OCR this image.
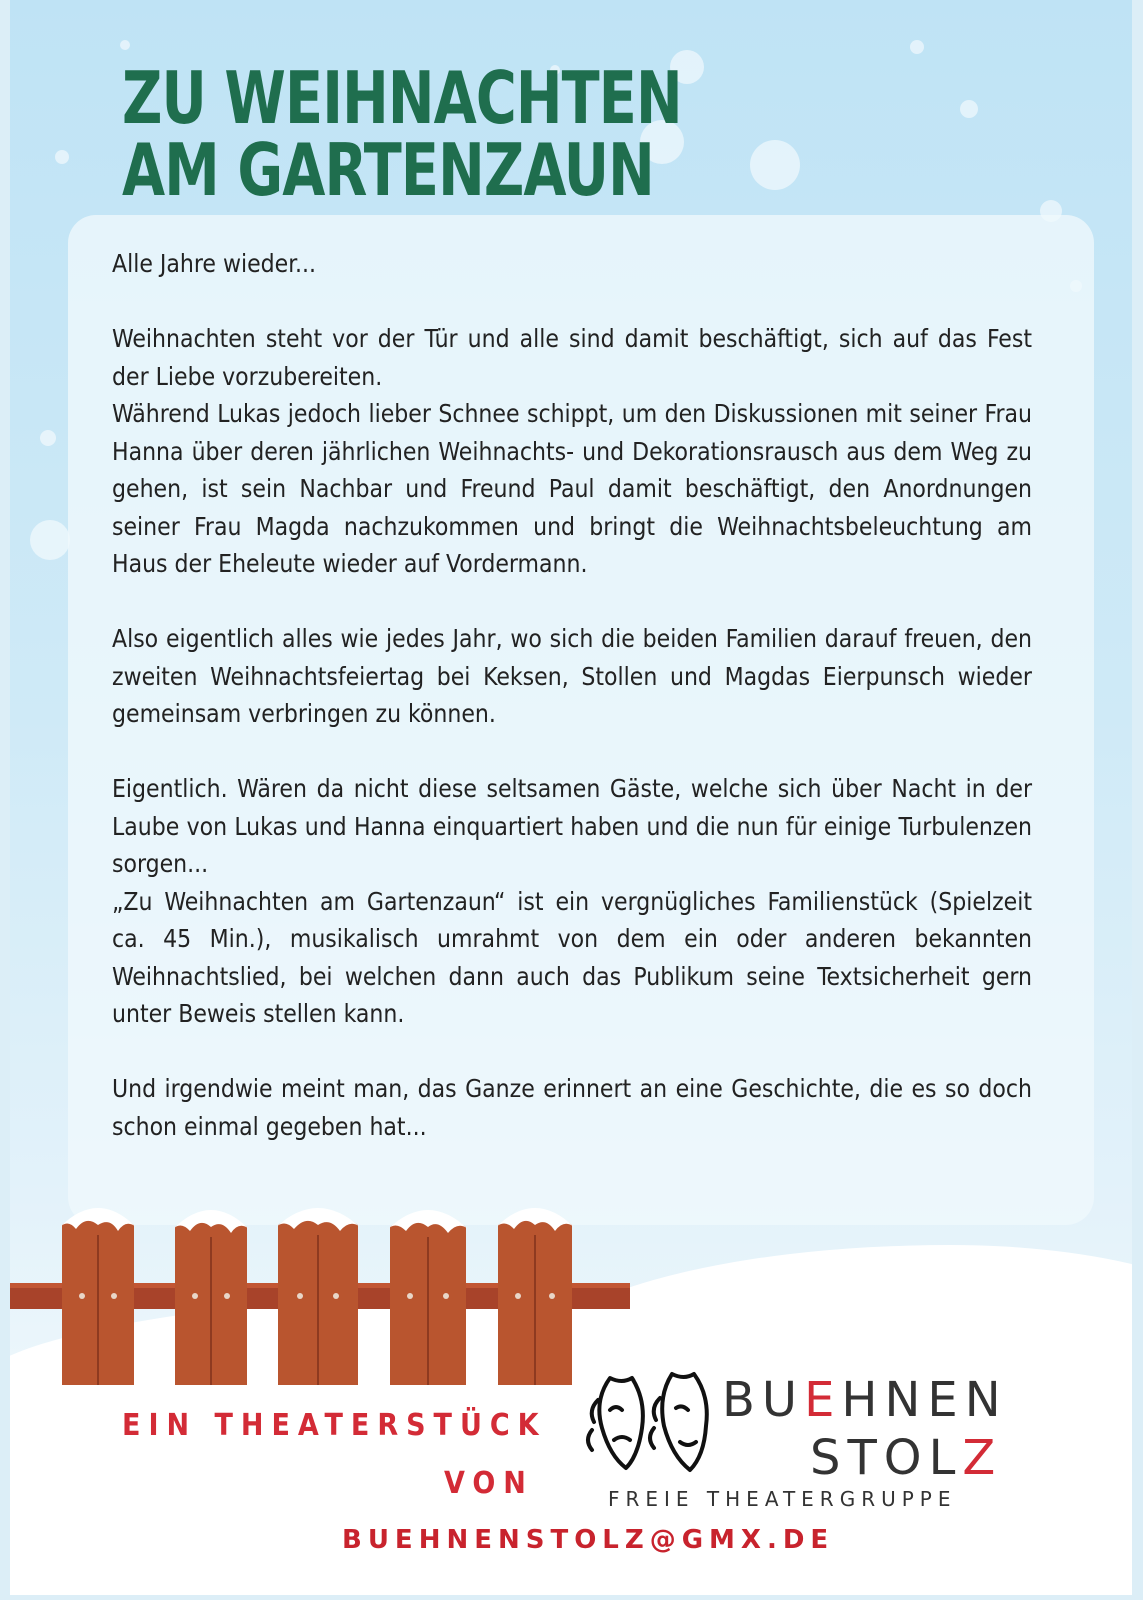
ZU WEIHNACHTEN
AM GARTENZAUN

EIN THEATERSTÜCK

VON

BUEHNEN

STOLZ

FREIE THEATERGRUPPE

BUEHNENSTOLZ@GMX.DE

Alle Jahre wieder...

Weihnachten steht vor der Tür und alle sind damit beschäftigt, sich auf das Fest der Liebe vorzubereiten.

Während Lukas jedoch lieber Schnee schippt, um den Diskussionen mit seiner Frau Hanna über deren jährlichen Weihnachts- und Dekorationsrausch aus dem Weg zu gehen, ist sein Nachbar und Freund Paul damit beschäftigt, den Anordnungen seiner Frau Magda nachzukommen und bringt die Weihnachtsbeleuchtung am Haus der Eheleute wieder auf Vordermann.

Also eigentlich alles wie jedes Jahr, wo sich die beiden Familien darauf freuen, den zweiten Weihnachtsfeiertag bei Keksen, Stollen und Magdas Eierpunsch wieder gemeinsam verbringen zu können.

Eigentlich. Wären da nicht diese seltsamen Gäste, welche sich über Nacht in der Laube von Lukas und Hanna einquartiert haben und die nun für einige Turbulenzen sorgen...

„Zu Weihnachten am Gartenzaun“ ist ein vergnügliches Familienstück (Spielzeit ca. 45 Min.), musikalisch umrahmt von dem ein oder anderen bekannten Weihnachtslied, bei welchen dann auch das Publikum seine Textsicherheit gern unter Beweis stellen kann.

Und irgendwie meint man, das Ganze erinnert an eine Geschichte, die es so doch schon einmal gegeben hat...
